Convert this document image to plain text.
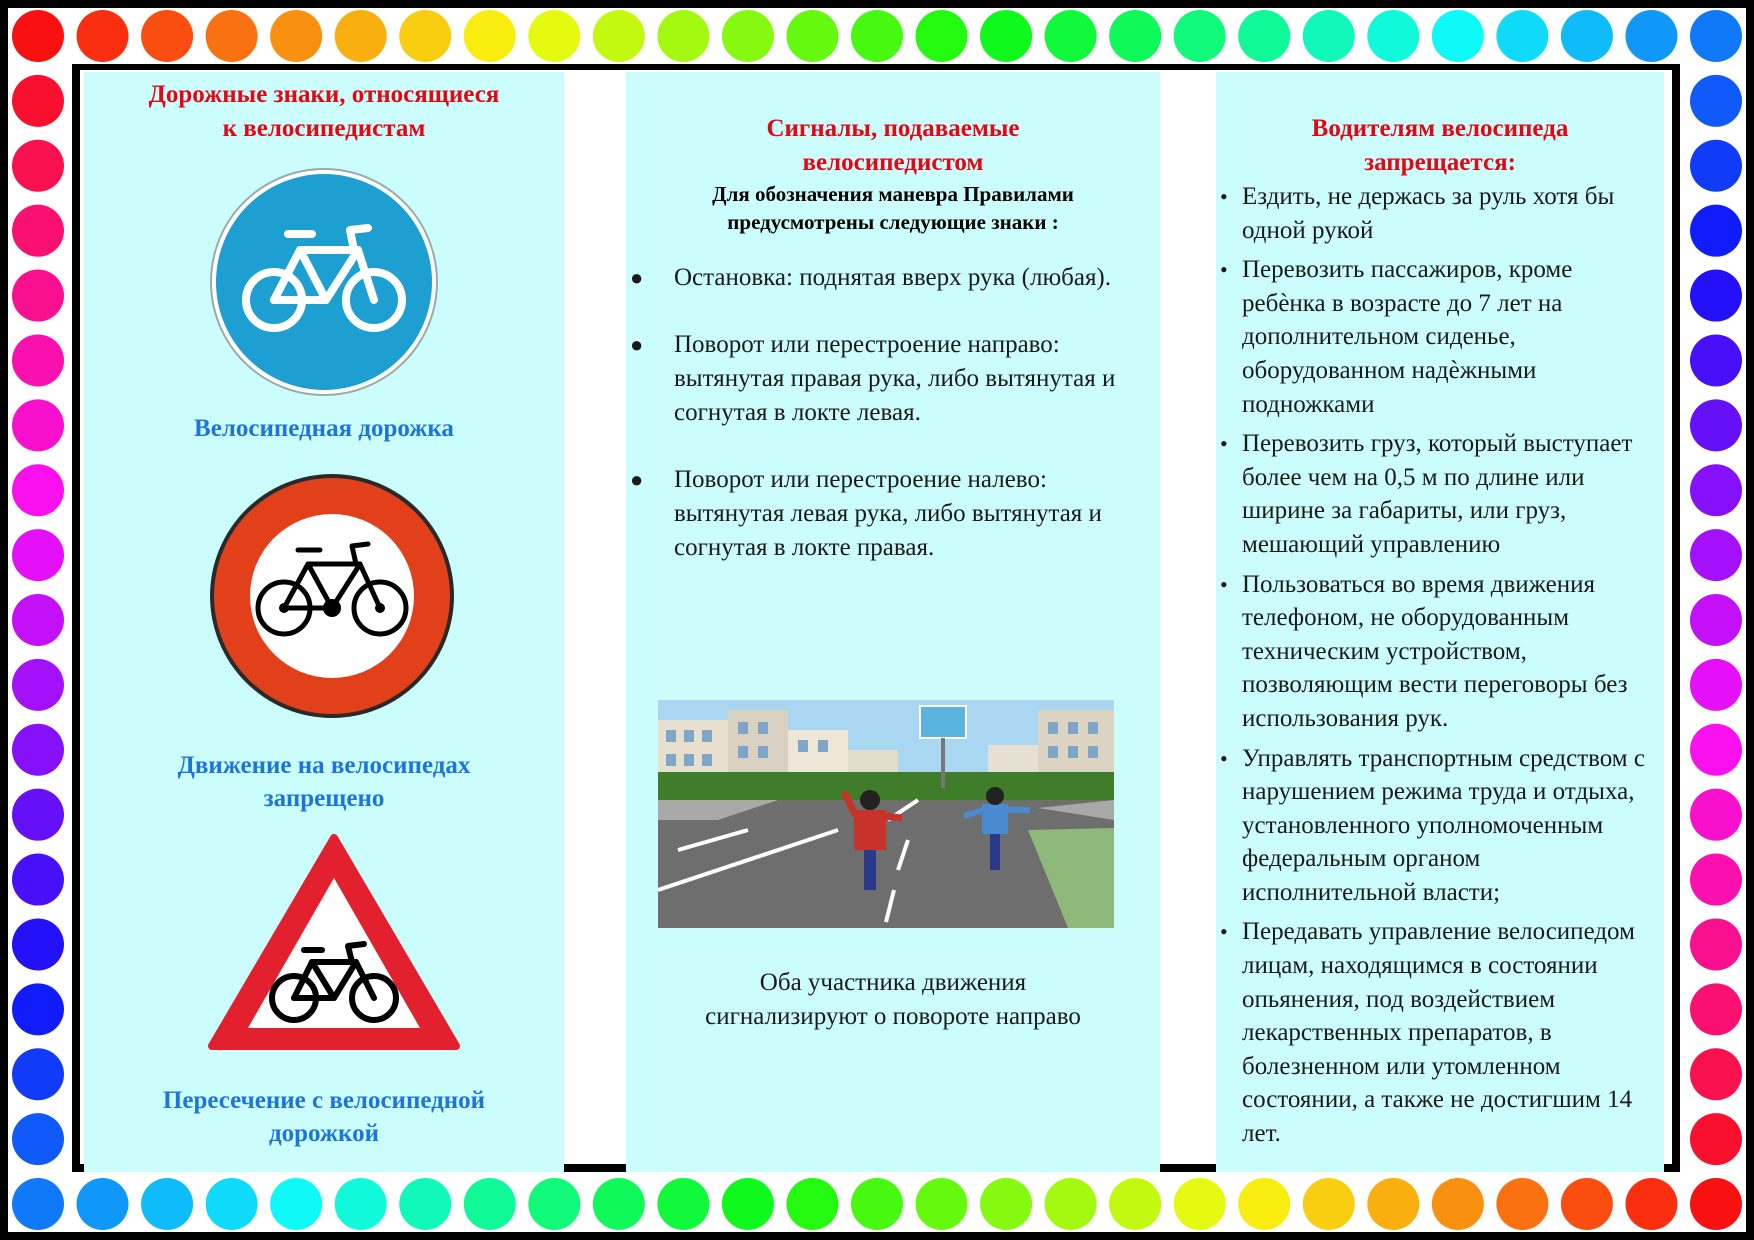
Дорожные знаки, относящиеся

к велосипедистам

Велосипедная дорожка

Движение на велосипедах

запрещено

Пересечение с велосипедной

дорожкой

Сигналы, подаваемые

велосипедистом

Для обозначения маневра Правилами

предусмотрены следующие знаки :

● Остановка: поднятая вверх рука (любая).
● Поворот или перестроение направо: вытянутая правая рука, либо вытянутая и согнутая в локте левая.
● Поворот или перестроение налево: вытянутая левая рука, либо вытянутая и согнутая в локте правая.

Оба участника движения

сигнализируют о повороте направо

Водителям велосипеда

запрещается:

• Ездить, не держась за руль хотя бы одной рукой
• Перевозить пассажиров, кроме ребѐнка в возрасте до 7 лет на дополнительном сиденье, оборудованном надѐжными подножками
• Перевозить груз, который выступает более чем на 0,5 м по длине или ширине за габариты, или груз, мешающий управлению
• Пользоваться во время движения телефоном, не оборудованным техническим устройством, позволяющим вести переговоры без использования рук.
• Управлять транспортным средством с нарушением режима труда и отдыха, установленного уполномоченным федеральным органом исполнительной власти;
• Передавать управление велосипедом лицам, находящимся в состоянии опьянения, под воздействием лекарственных препаратов, в болезненном или утомленном состоянии, а также не достигшим 14 лет.
